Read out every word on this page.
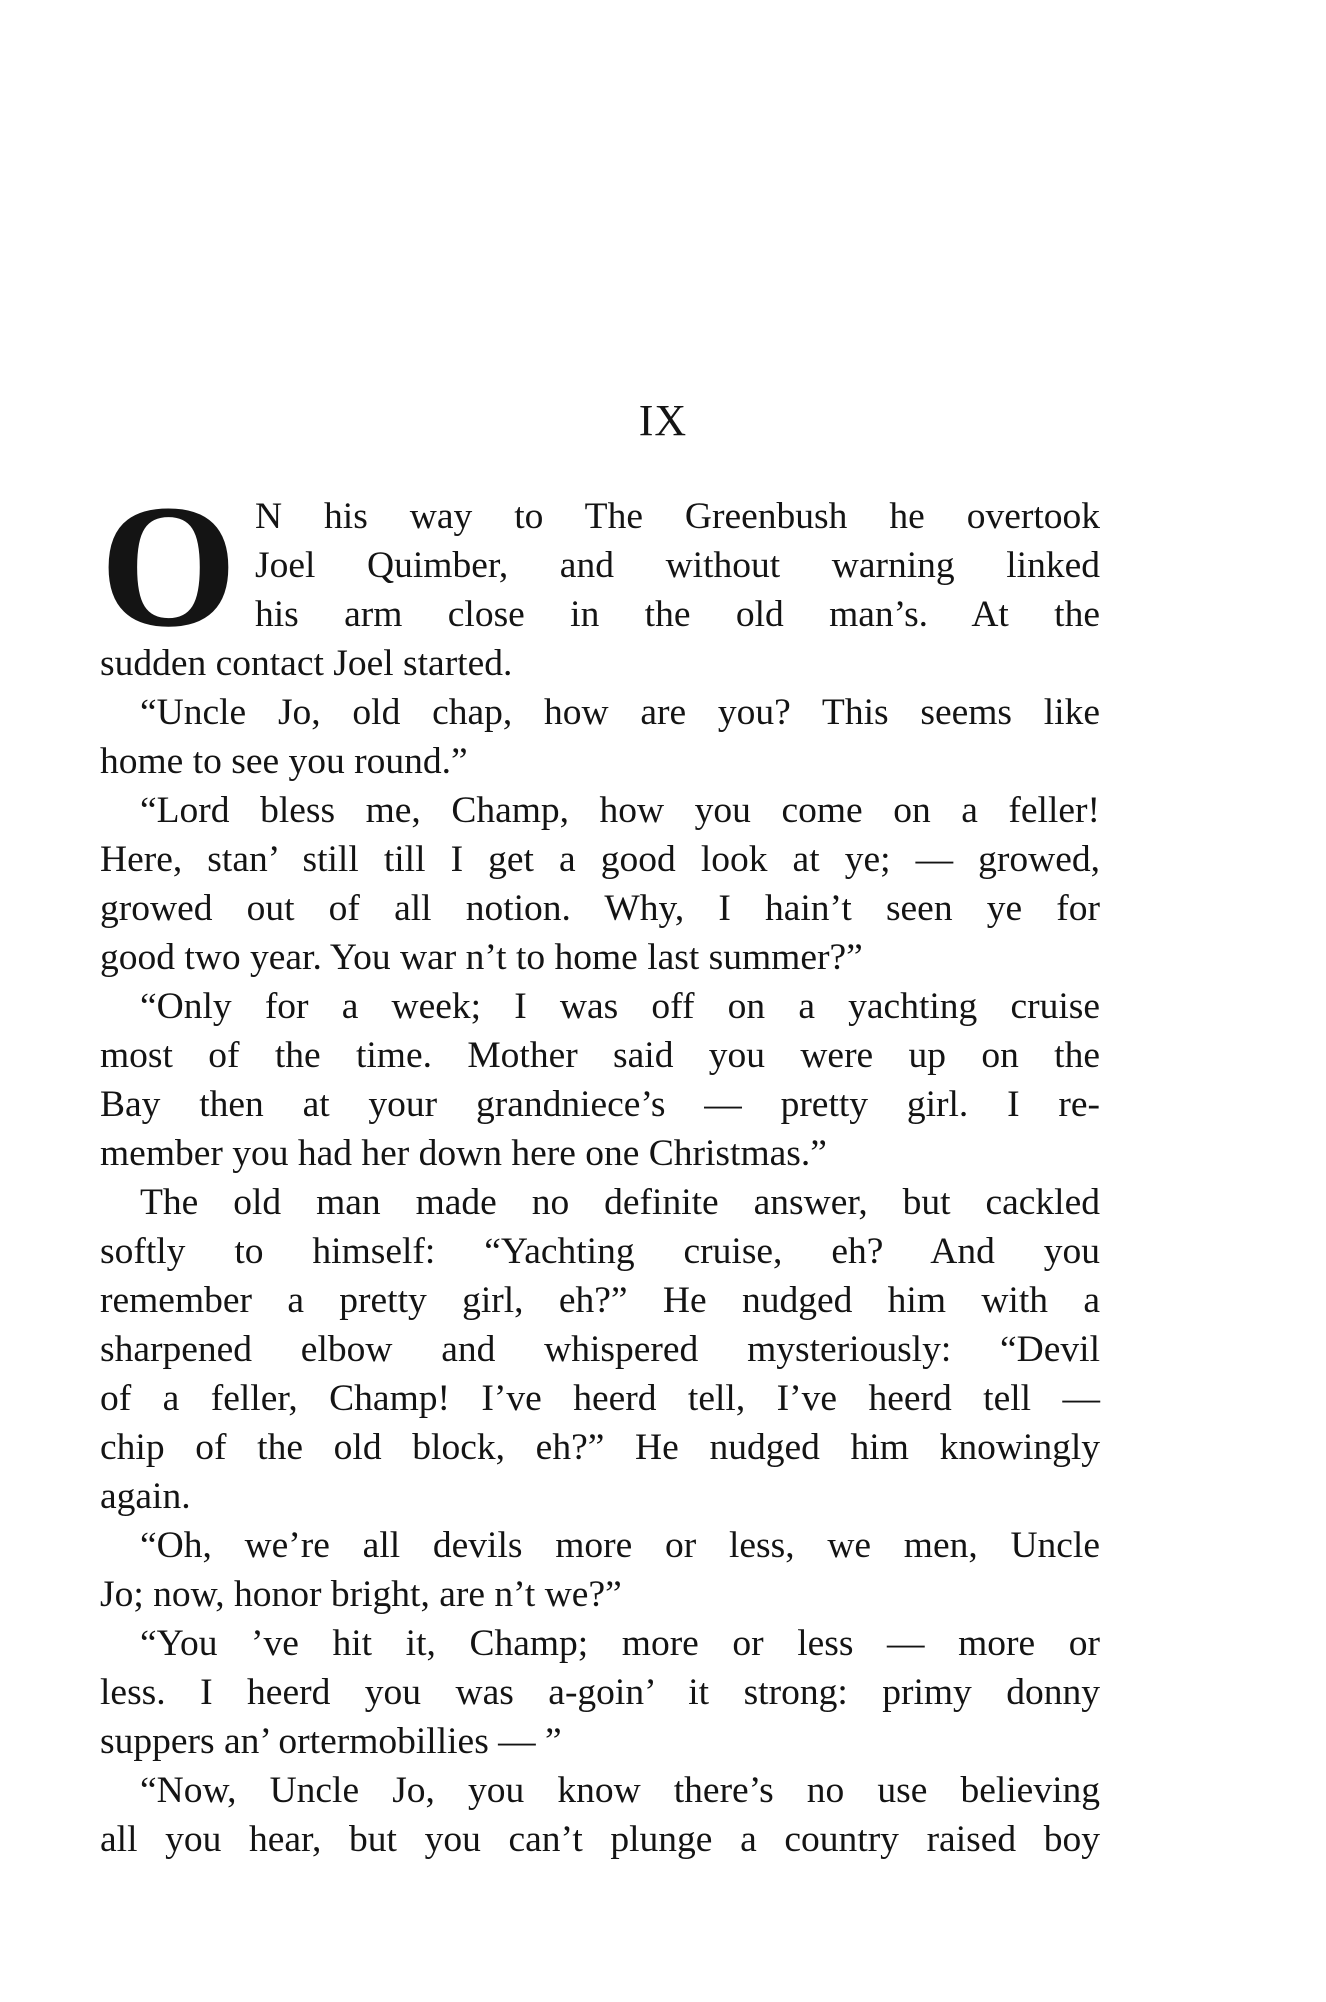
IX
O N his way to The Greenbush he overtook
Joel Quimber, and without warning linked
his arm close in the old man’s. At the
sudden contact Joel started.
“Uncle Jo, old chap, how are you? This seems like
home to see you round.”
“Lord bless me, Champ, how you come on a feller!
Here, stan’ still till I get a good look at ye; — growed,
growed out of all notion. Why, I hain’t seen ye for
good two year. You war n’t to home last summer?”
“Only for a week; I was off on a yachting cruise
most of the time. Mother said you were up on the
Bay then at your grandniece’s — pretty girl. I re-
member you had her down here one Christmas.”
The old man made no definite answer, but cackled
softly to himself: “Yachting cruise, eh? And you
remember a pretty girl, eh?” He nudged him with a
sharpened elbow and whispered mysteriously: “Devil
of a feller, Champ! I’ve heerd tell, I’ve heerd tell —
chip of the old block, eh?” He nudged him knowingly
again.
“Oh, we’re all devils more or less, we men, Uncle
Jo; now, honor bright, are n’t we?”
“You ’ve hit it, Champ; more or less — more or
less. I heerd you was a-goin’ it strong: primy donny
suppers an’ ortermobillies — ”
“Now, Uncle Jo, you know there’s no use believing
all you hear, but you can’t plunge a country raised boy
